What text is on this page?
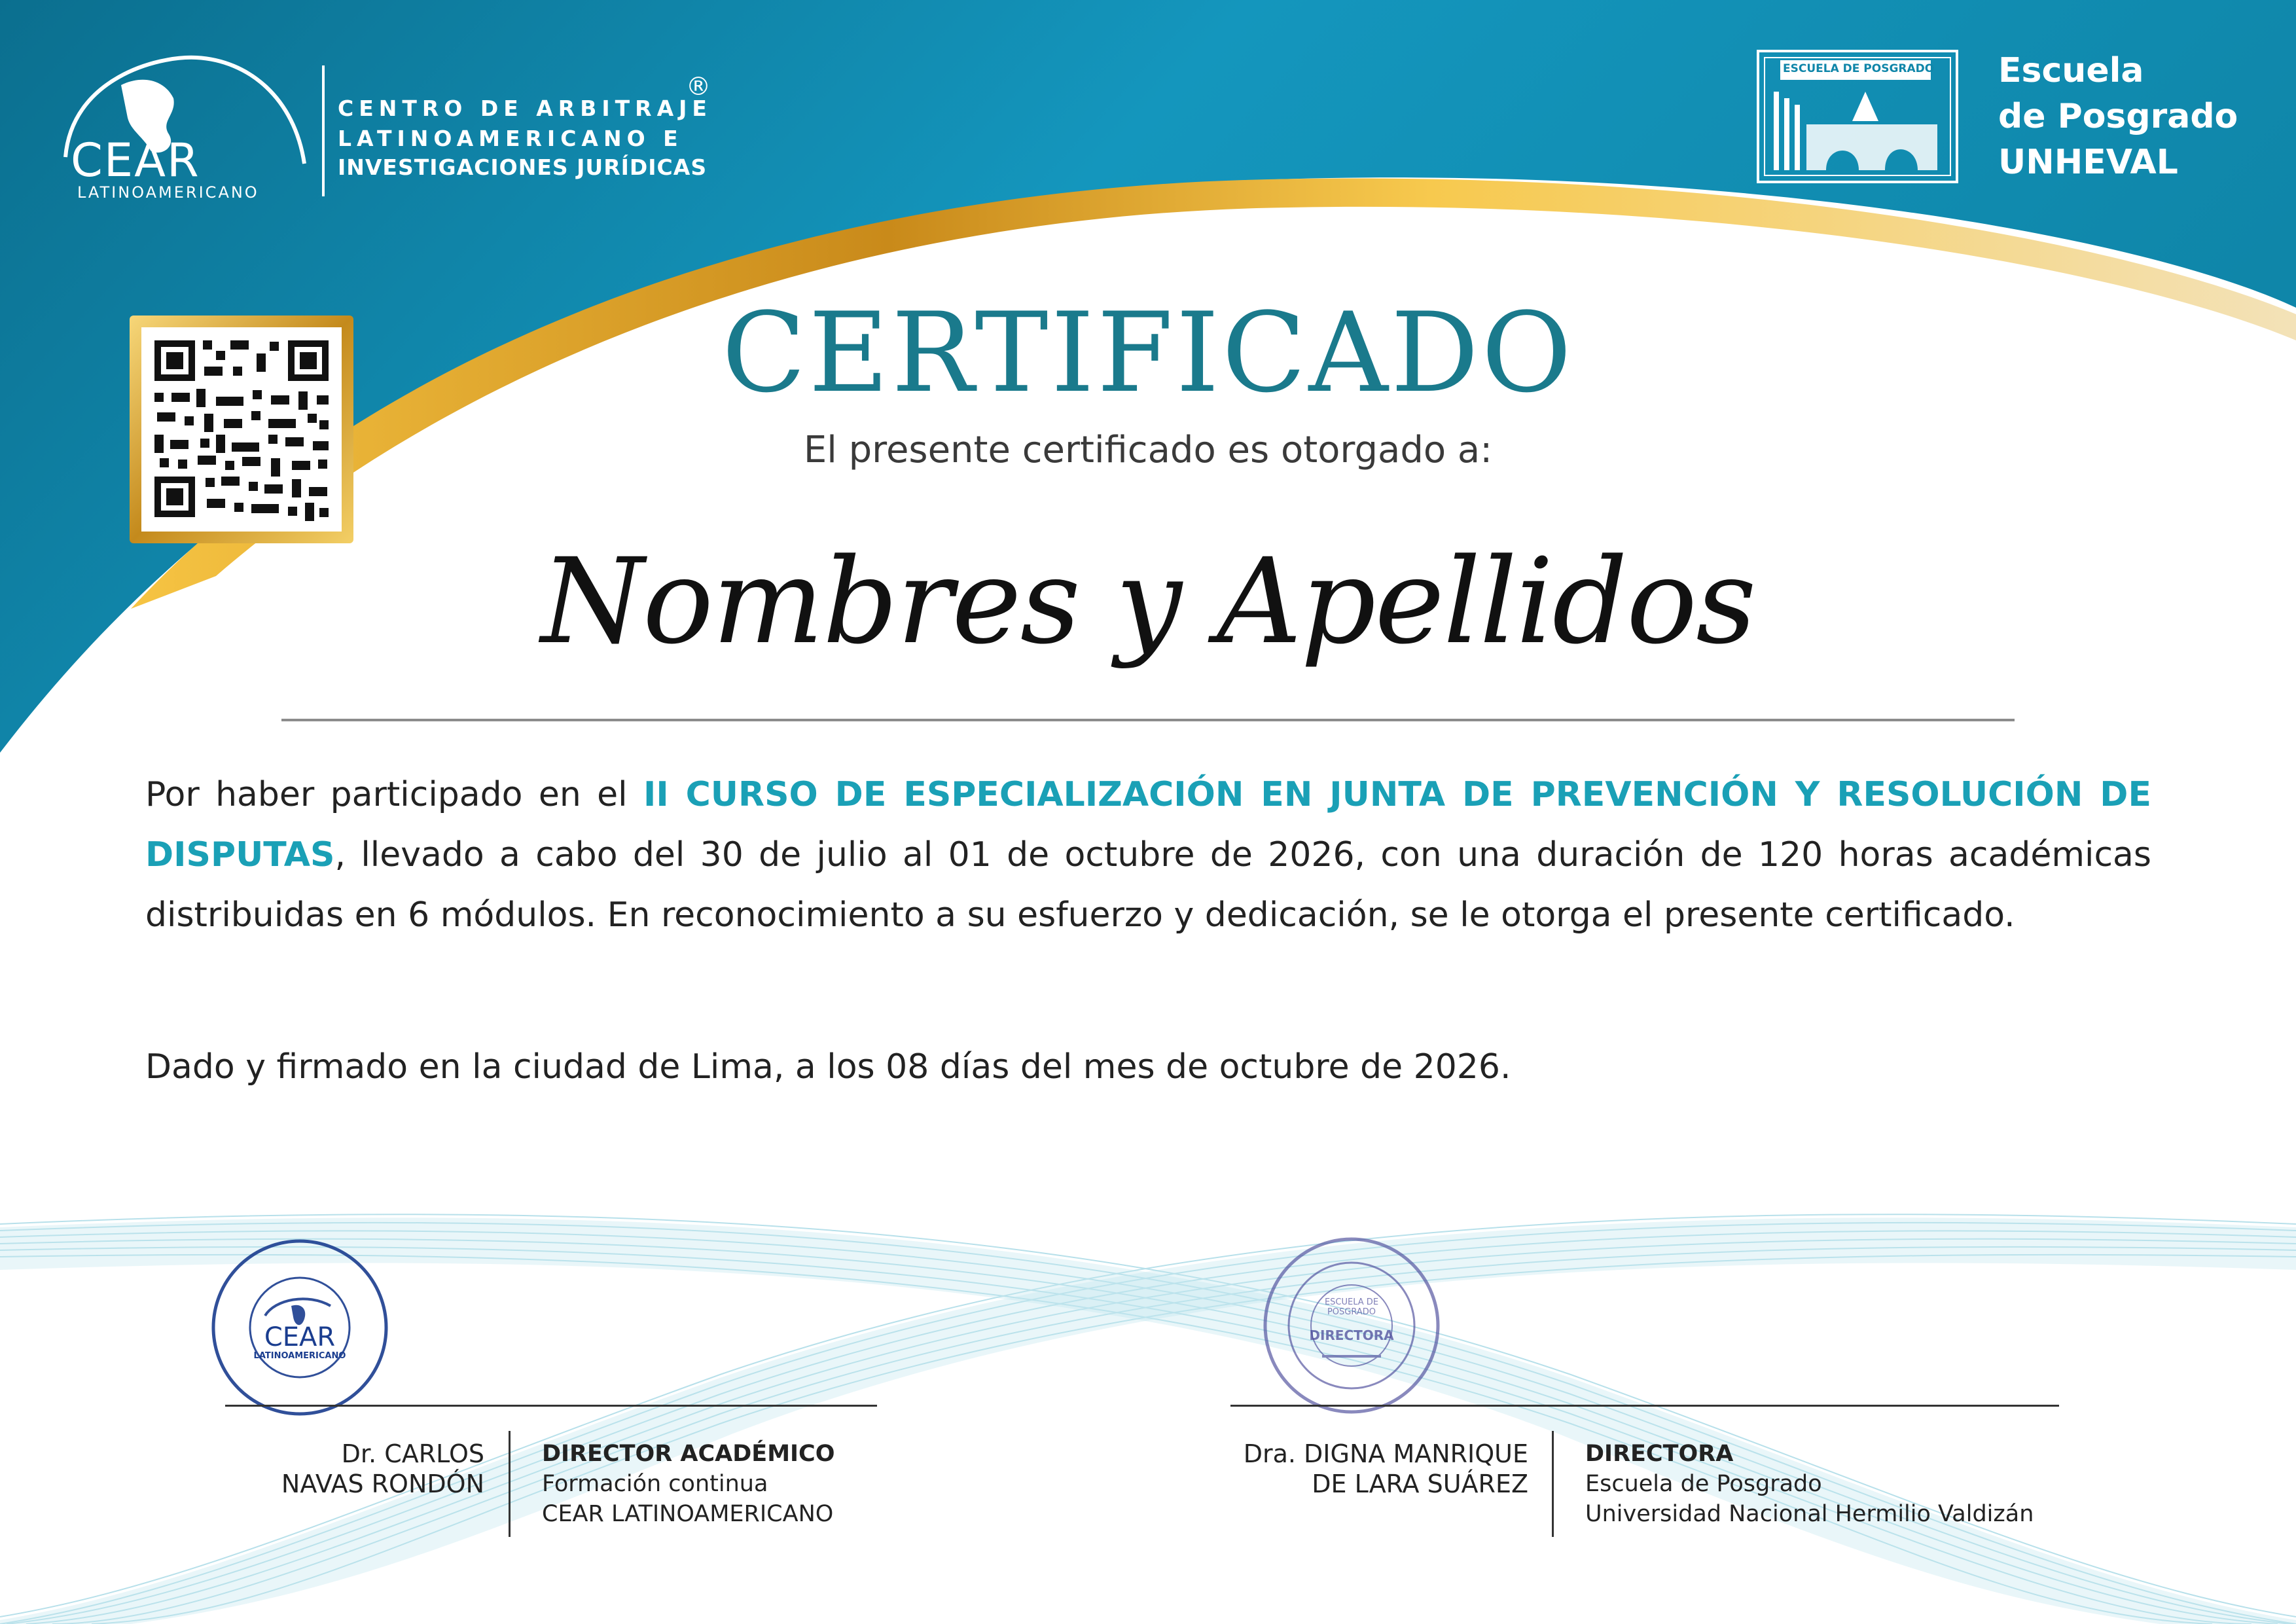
CEAR
LATINOAMERICANO
CENTRO DE ARBITRAJE
LATINOAMERICANO E
INVESTIGACIONES JURÍDICAS
®
ESCUELA DE POSGRADO Escuela
de Posgrado
UNHEVAL
CERTIFICADO
El presente certificado es otorgado a:
Nombres y Apellidos
Por haber participado en el II CURSO DE ESPECIALIZACIÓN EN JUNTA DE PREVENCIÓN Y RESOLUCIÓN DE DISPUTAS, llevado a cabo del 30 de julio al 01 de octubre de 2026, con una duración de 120 horas académicas distribuidas en 6 módulos. En reconocimiento a su esfuerzo y dedicación, se le otorga el presente certificado.
Dado y firmado en la ciudad de Lima, a los 08 días del mes de octubre de 2026.
CEAR
LATINOAMERICANO
ESCUELA DE POSGRADO
DIRECTORA
Dr. CARLOS
NAVAS RONDÓN
DIRECTOR ACADÉMICO
Formación continua
CEAR LATINOAMERICANO
Dra. DIGNA MANRIQUE
DE LARA SUÁREZ
DIRECTORA
Escuela de Posgrado
Universidad Nacional Hermilio Valdizán
